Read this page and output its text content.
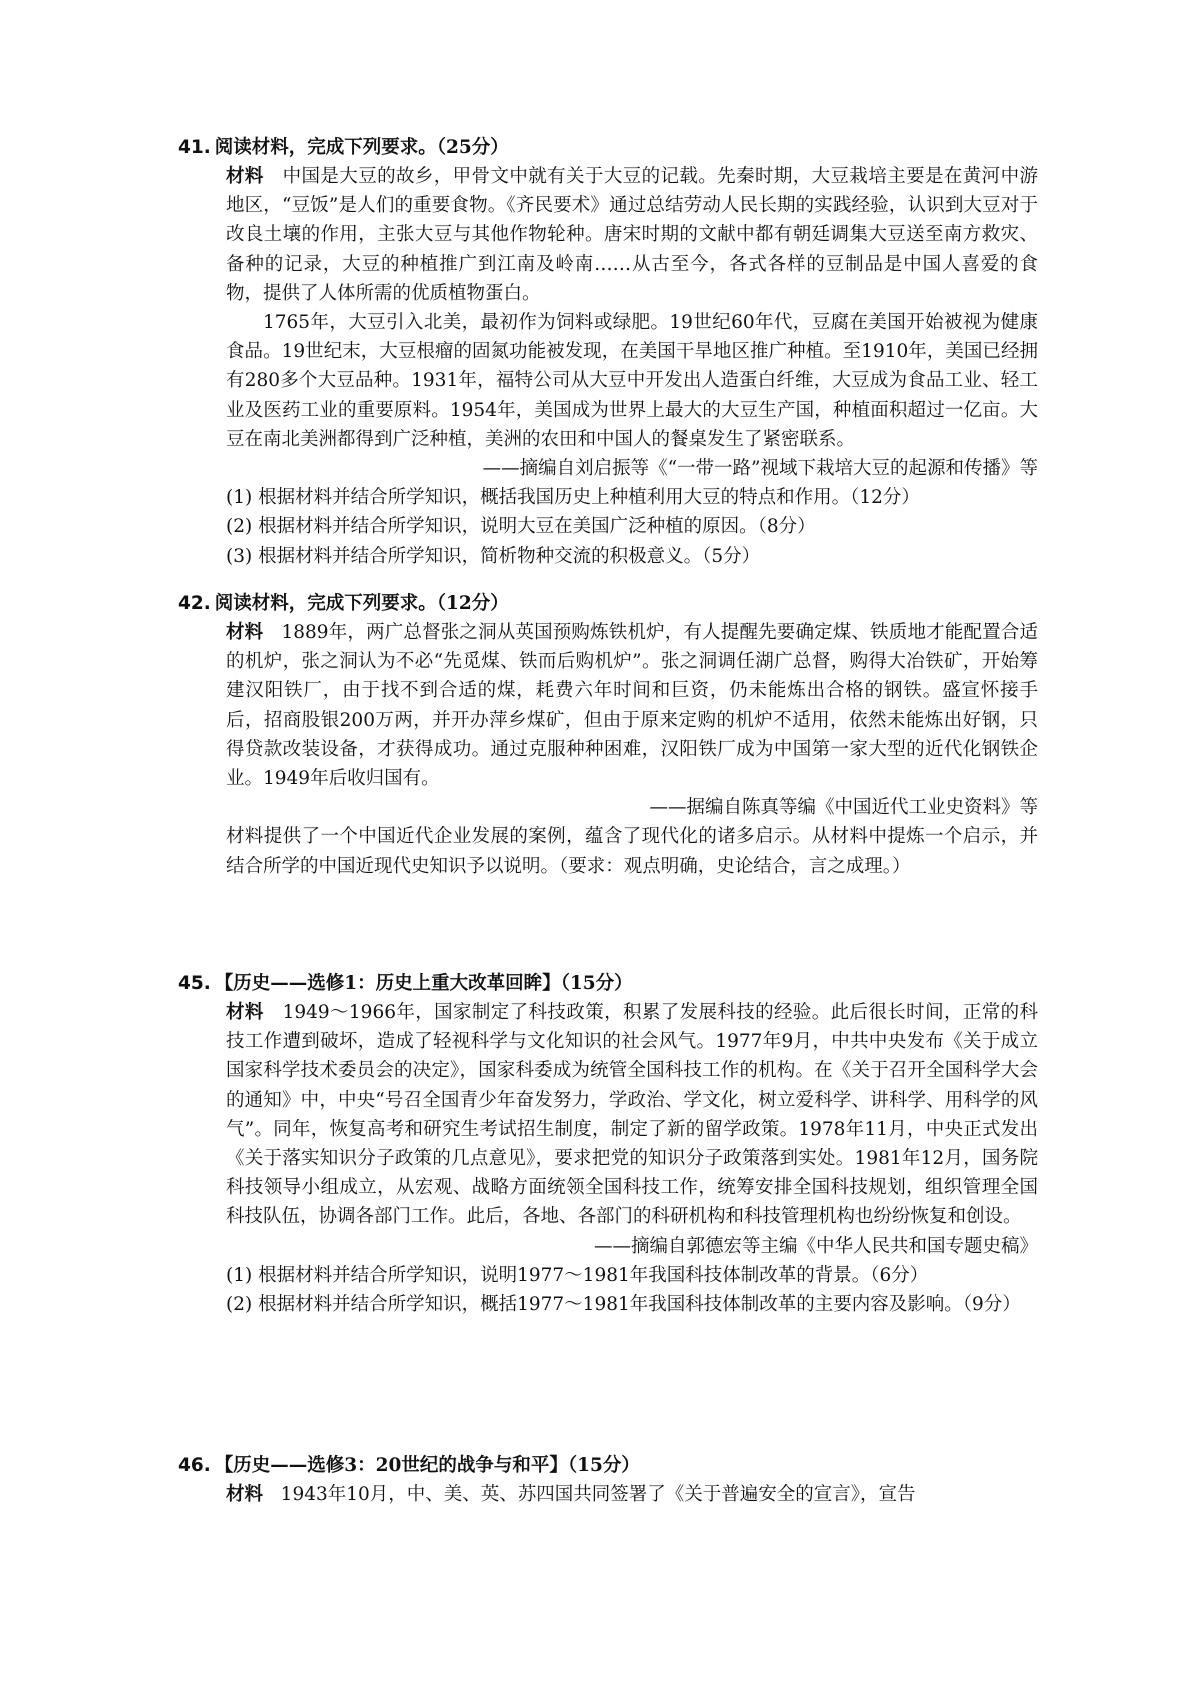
41. 阅读材料，完成下列要求。（25分）

材料 中国是大豆的故乡，甲骨文中就有关于大豆的记载。先秦时期，大豆栽培主要是在黄河中游地区，“豆饭”是人们的重要食物。《齐民要术》通过总结劳动人民长期的实践经验，认识到大豆对于改良土壤的作用，主张大豆与其他作物轮种。唐宋时期的文献中都有朝廷调集大豆送至南方救灾、备种的记录，大豆的种植推广到江南及岭南……从古至今，各式各样的豆制品是中国人喜爱的食物，提供了人体所需的优质植物蛋白。

1765年，大豆引入北美，最初作为饲料或绿肥。19世纪60年代，豆腐在美国开始被视为健康食品。19世纪末，大豆根瘤的固氮功能被发现，在美国干旱地区推广种植。至1910年，美国已经拥有280多个大豆品种。1931年，福特公司从大豆中开发出人造蛋白纤维，大豆成为食品工业、轻工业及医药工业的重要原料。1954年，美国成为世界上最大的大豆生产国，种植面积超过一亿亩。大豆在南北美洲都得到广泛种植，美洲的农田和中国人的餐桌发生了紧密联系。

——摘编自刘启振等《“一带一路”视域下栽培大豆的起源和传播》等

(1) 根据材料并结合所学知识，概括我国历史上种植利用大豆的特点和作用。（12分）

(2) 根据材料并结合所学知识，说明大豆在美国广泛种植的原因。（8分）

(3) 根据材料并结合所学知识，简析物种交流的积极意义。（5分）

42. 阅读材料，完成下列要求。（12分）

材料 1889年，两广总督张之洞从英国预购炼铁机炉，有人提醒先要确定煤、铁质地才能配置合适的机炉，张之洞认为不必“先觅煤、铁而后购机炉”。张之洞调任湖广总督，购得大冶铁矿，开始筹建汉阳铁厂，由于找不到合适的煤，耗费六年时间和巨资，仍未能炼出合格的钢铁。盛宣怀接手后，招商股银200万两，并开办萍乡煤矿，但由于原来定购的机炉不适用，依然未能炼出好钢，只得贷款改装设备，才获得成功。通过克服种种困难，汉阳铁厂成为中国第一家大型的近代化钢铁企业。1949年后收归国有。

——据编自陈真等编《中国近代工业史资料》等

材料提供了一个中国近代企业发展的案例，蕴含了现代化的诸多启示。从材料中提炼一个启示，并结合所学的中国近现代史知识予以说明。（要求：观点明确，史论结合，言之成理。）

45. 【历史——选修1：历史上重大改革回眸】（15分）

材料 1949～1966年，国家制定了科技政策，积累了发展科技的经验。此后很长时间，正常的科技工作遭到破坏，造成了轻视科学与文化知识的社会风气。1977年9月，中共中央发布《关于成立国家科学技术委员会的决定》，国家科委成为统管全国科技工作的机构。在《关于召开全国科学大会的通知》中，中央“号召全国青少年奋发努力，学政治、学文化，树立爱科学、讲科学、用科学的风气”。同年，恢复高考和研究生考试招生制度，制定了新的留学政策。1978年11月，中央正式发出《关于落实知识分子政策的几点意见》，要求把党的知识分子政策落到实处。1981年12月，国务院科技领导小组成立，从宏观、战略方面统领全国科技工作，统筹安排全国科技规划，组织管理全国科技队伍，协调各部门工作。此后，各地、各部门的科研机构和科技管理机构也纷纷恢复和创设。

——摘编自郭德宏等主编《中华人民共和国专题史稿》

(1) 根据材料并结合所学知识，说明1977～1981年我国科技体制改革的背景。（6分）

(2) 根据材料并结合所学知识，概括1977～1981年我国科技体制改革的主要内容及影响。（9分）

46. 【历史——选修3：20世纪的战争与和平】（15分）

材料 1943年10月，中、美、英、苏四国共同签署了《关于普遍安全的宣言》，宣告
